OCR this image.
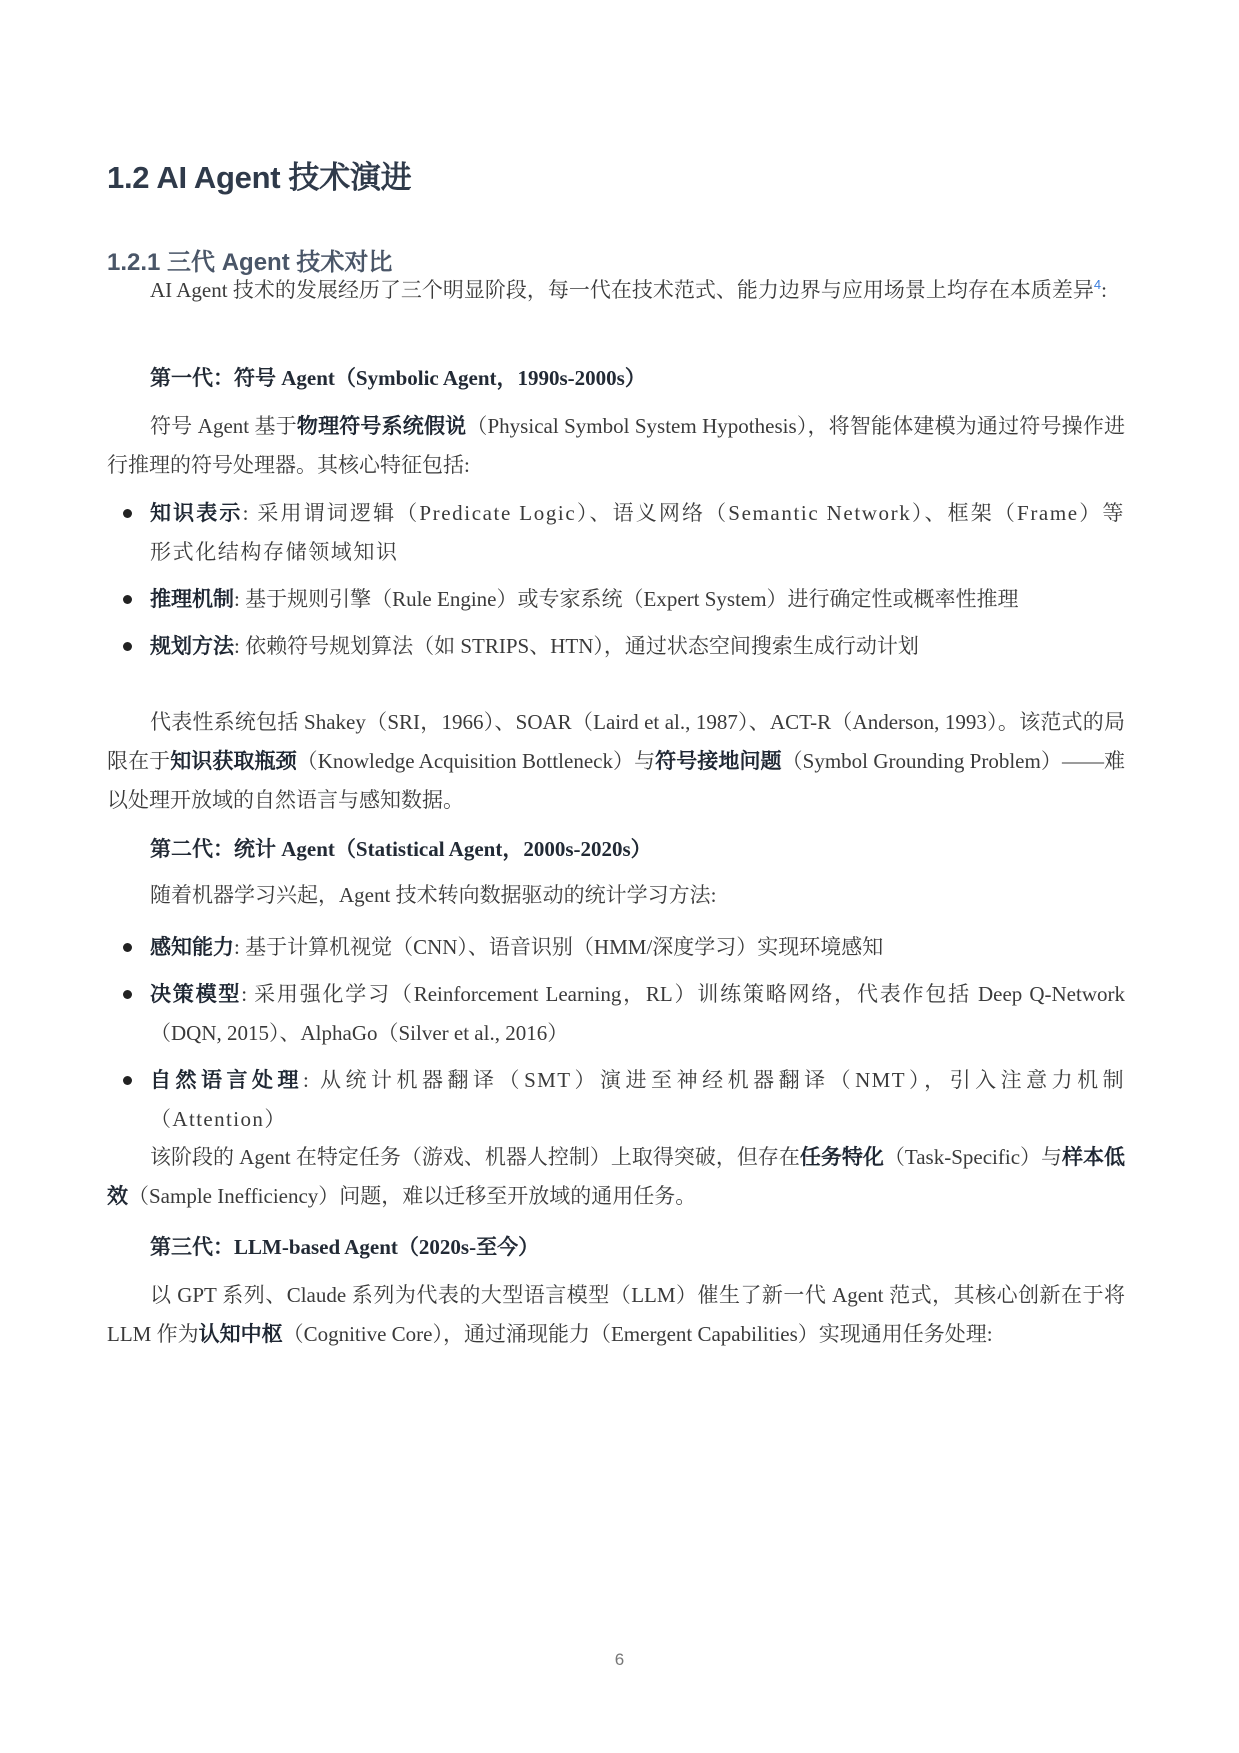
1.2 AI Agent 技术演进
1.2.1 三代 Agent 技术对比

AI Agent 技术的发展经历了三个明显阶段，每一代在技术范式、能力边界与应用场景上均存在本质差异$^4$:

第一代：符号 Agent（Symbolic Agent，1990s-2000s）

符号 Agent 基于物理符号系统假说（Physical Symbol System Hypothesis），将智能体建模为通过符号操作进行推理的符号处理器。其核心特征包括:

知识表示: 采用谓词逻辑（Predicate Logic）、语义网络（Semantic Network）、框架（Frame）等形式化结构存储领域知识
推理机制: 基于规则引擎（Rule Engine）或专家系统（Expert System）进行确定性或概率性推理
规划方法: 依赖符号规划算法（如 STRIPS、HTN），通过状态空间搜索生成行动计划

代表性系统包括 Shakey（SRI，1966）、SOAR（Laird et al., 1987）、ACT-R（Anderson, 1993）。该范式的局限在于知识获取瓶颈（Knowledge Acquisition Bottleneck）与符号接地问题（Symbol Grounding Problem）——难以处理开放域的自然语言与感知数据。

第二代：统计 Agent（Statistical Agent，2000s-2020s）

随着机器学习兴起，Agent 技术转向数据驱动的统计学习方法:

感知能力: 基于计算机视觉（CNN）、语音识别（HMM/深度学习）实现环境感知
决策模型: 采用强化学习（Reinforcement Learning，RL）训练策略网络，代表作包括 Deep Q-Network（DQN, 2015）、AlphaGo（Silver et al., 2016）
自然语言处理: 从统计机器翻译（SMT）演进至神经机器翻译（NMT），引入注意力机制（Attention）

该阶段的 Agent 在特定任务（游戏、机器人控制）上取得突破，但存在任务特化（Task-Specific）与样本低效（Sample Inefficiency）问题，难以迁移至开放域的通用任务。

第三代：LLM-based Agent（2020s-至今）

以 GPT 系列、Claude 系列为代表的大型语言模型（LLM）催生了新一代 Agent 范式，其核心创新在于将 LLM 作为认知中枢（Cognitive Core），通过涌现能力（Emergent Capabilities）实现通用任务处理:

6
